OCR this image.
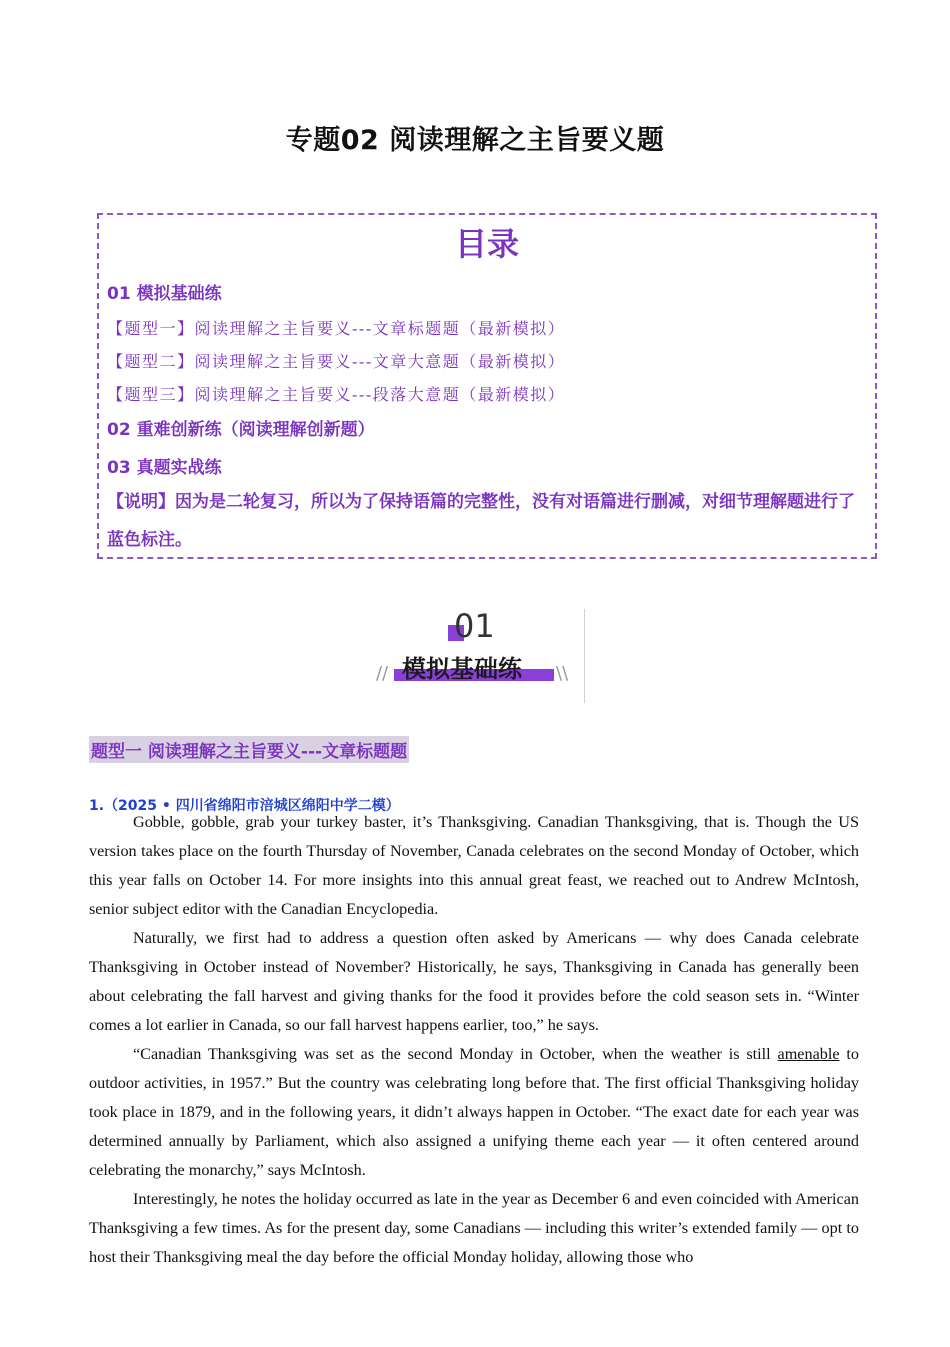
专题02 阅读理解之主旨要义题
目录
01 模拟基础练
【题型一】阅读理解之主旨要义---文章标题题（最新模拟）
【题型二】阅读理解之主旨要义---文章大意题（最新模拟）
【题型三】阅读理解之主旨要义---段落大意题（最新模拟）
02 重难创新练（阅读理解创新题）
03 真题实战练
【说明】因为是二轮复习，所以为了保持语篇的完整性，没有对语篇进行删减，对细节理解题进行了蓝色标注。
01
模拟基础练
//	\\
题型一 阅读理解之主旨要义---文章标题题
1.（2025 • 四川省绵阳市涪城区绵阳中学二模）

Gobble, gobble, grab your turkey baster, it’s Thanksgiving. Canadian Thanksgiving, that is. Though the US version takes place on the fourth Thursday of November, Canada celebrates on the second Monday of October, which this year falls on October 14. For more insights into this annual great feast, we reached out to Andrew McIntosh, senior subject editor with the Canadian Encyclopedia.

Naturally, we first had to address a question often asked by Americans — why does Canada celebrate Thanksgiving in October instead of November? Historically, he says, Thanksgiving in Canada has generally been about celebrating the fall harvest and giving thanks for the food it provides before the cold season sets in. “Winter comes a lot earlier in Canada, so our fall harvest happens earlier, too,” he says.

“Canadian Thanksgiving was set as the second Monday in October, when the weather is still amenable to outdoor activities, in 1957.” But the country was celebrating long before that. The first official Thanksgiving holiday took place in 1879, and in the following years, it didn’t always happen in October. “The exact date for each year was determined annually by Parliament, which also assigned a unifying theme each year — it often centered around celebrating the monarchy,” says McIntosh.

Interestingly, he notes the holiday occurred as late in the year as December 6 and even coincided with American Thanksgiving a few times. As for the present day, some Canadians — including this writer’s extended family — opt to host their Thanksgiving meal the day before the official Monday holiday, allowing those who
